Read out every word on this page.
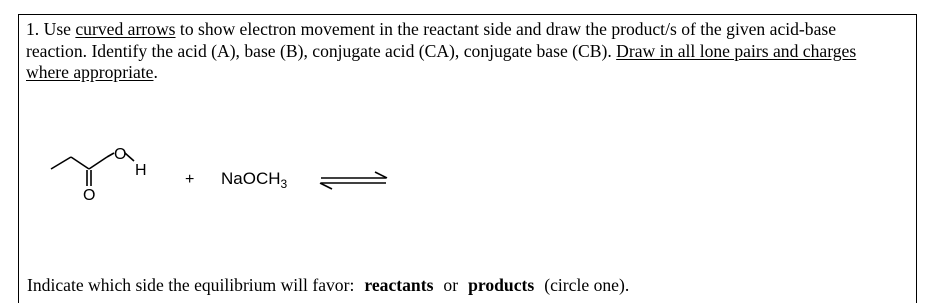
1. Use curved arrows to show electron movement in the reactant side and draw the product/s of the given acid-base reaction. Identify the acid (A), base (B), conjugate acid (CA), conjugate base (CB). Draw in all lone pairs and charges where appropriate.

O
O
H
+ NaOCH$_3$

Indicate which side the equilibrium will favor: reactants or products (circle one).
